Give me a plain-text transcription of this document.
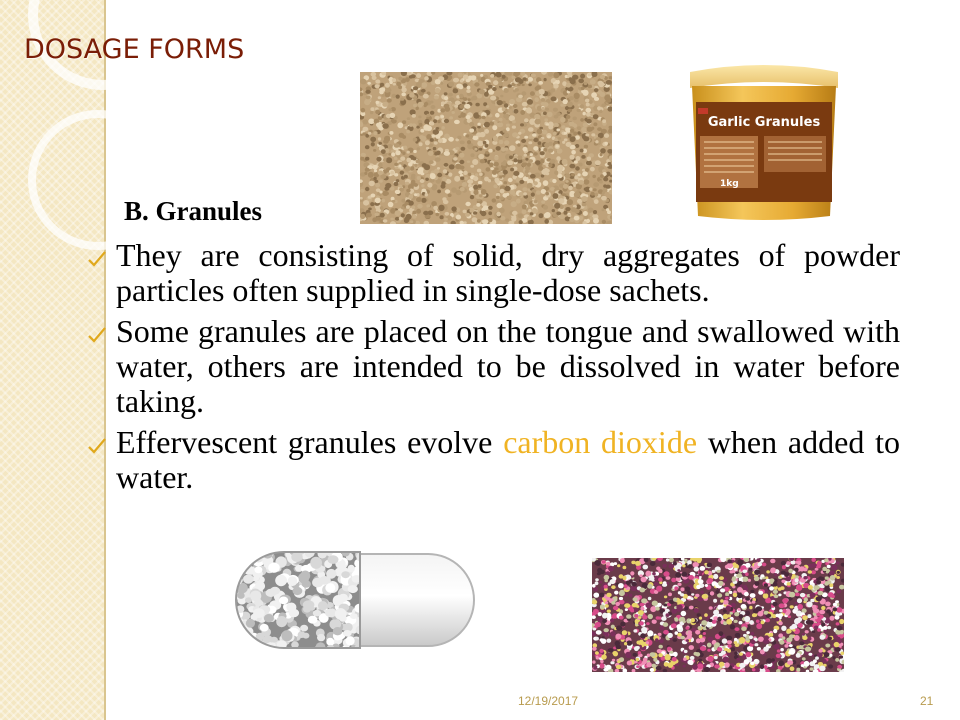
DOSAGE FORMS
Garlic Granules
1kg
B. Granules
They are consisting of solid, dry aggregates of powder particles often supplied in single-dose sachets.
Some granules are placed on the tongue and swallowed with water, others are intended to be dissolved in water before taking.
Effervescent granules evolve carbon dioxide when added to water.
12/19/2017	21
